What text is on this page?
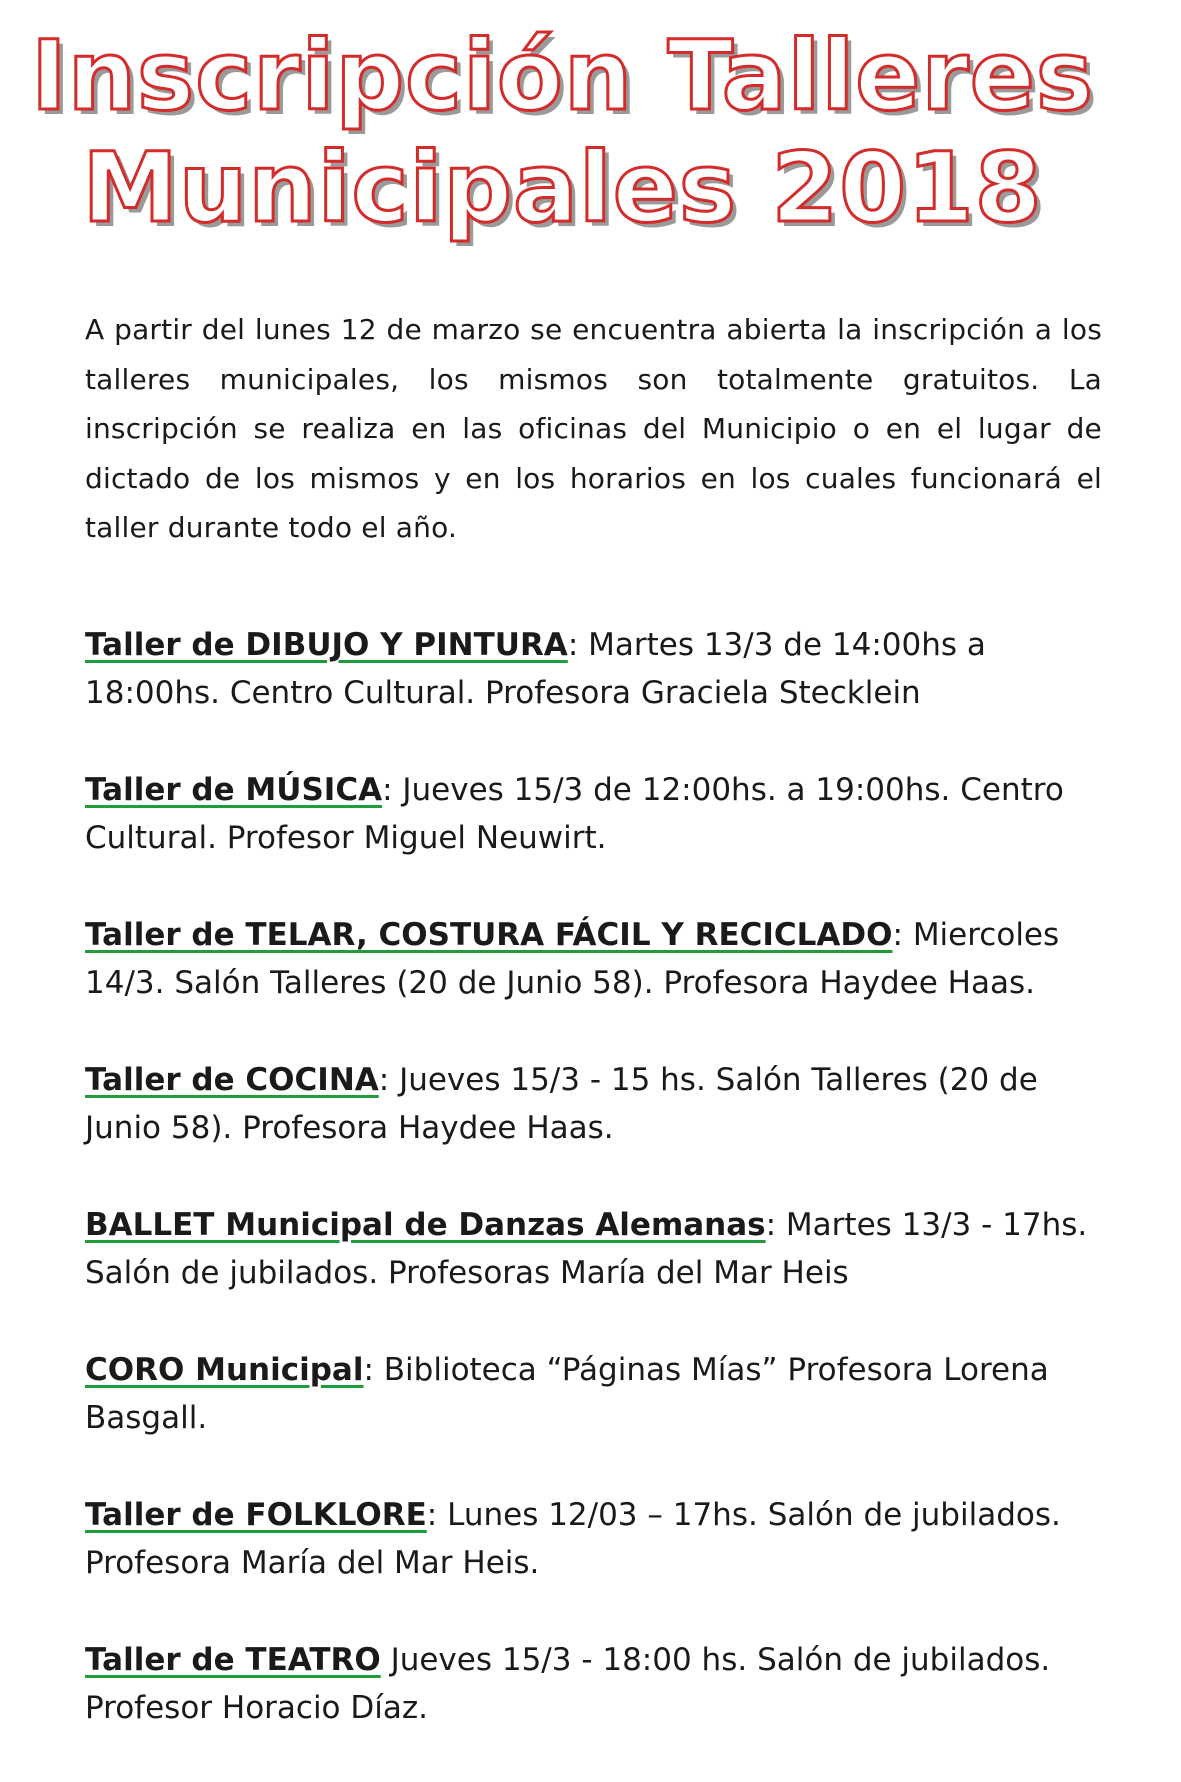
Inscripción Talleres
Municipales 2018

A partir del lunes 12 de marzo se encuentra abierta la inscripción a los talleres municipales, los mismos son totalmente gratuitos. La inscripción se realiza en las oficinas del Municipio o en el lugar de dictado de los mismos y en los horarios en los cuales funcionará el taller durante todo el año.

Taller de DIBUJO Y PINTURA: Martes 13/3 de 14:00hs a 18:00hs. Centro Cultural. Profesora Graciela Stecklein
Taller de MÚSICA: Jueves 15/3 de 12:00hs. a 19:00hs. Centro Cultural. Profesor Miguel Neuwirt.
Taller de TELAR, COSTURA FÁCIL Y RECICLADO: Miercoles 14/3. Salón Talleres (20 de Junio 58). Profesora Haydee Haas.
Taller de COCINA: Jueves 15/3 - 15 hs. Salón Talleres (20 de Junio 58). Profesora Haydee Haas.
BALLET Municipal de Danzas Alemanas: Martes 13/3 - 17hs. Salón de jubilados. Profesoras María del Mar Heis
CORO Municipal: Biblioteca “Páginas Mías” Profesora Lorena Basgall.
Taller de FOLKLORE: Lunes 12/03 – 17hs. Salón de jubilados. Profesora María del Mar Heis.
Taller de TEATRO Jueves 15/3 - 18:00 hs. Salón de jubilados. Profesor Horacio Díaz.
